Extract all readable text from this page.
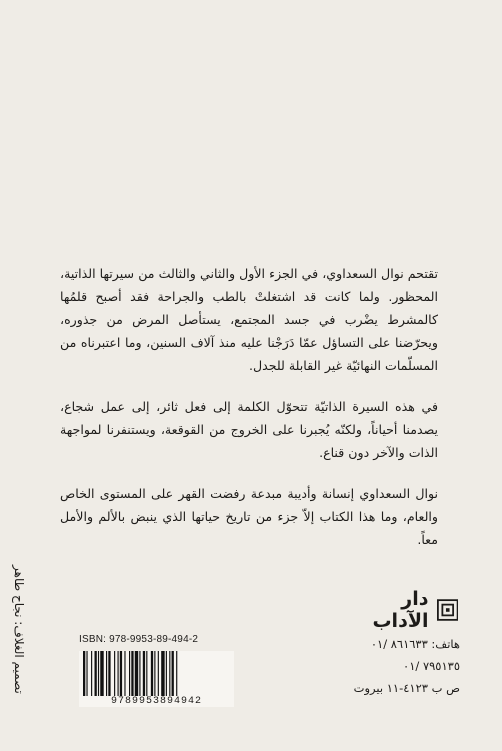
تقتحم نوال السعداوي، في الجزء الأول والثاني والثالث من سيرتها الذاتية، المحظور. ولما كانت قد اشتغلتْ بالطب والجراحة فقد أصبح قلمُها كالمشرط يضْرب في جسد المجتمع، يستأصل المرض من جذوره، ويحرّضنا على التساؤل عمّا دَرَجْنا عليه منذ آلاف السنين، وما اعتبرناه من المسلّمات النهائيّة غير القابلة للجدل.

في هذه السيرة الذاتيّة تتحوّل الكلمة إلى فعل ثائر، إلى عمل شجاع، يصدمنا أحياناً، ولكنّه يُجبرنا على الخروج من القوقعة، ويستنفرنا لمواجهة الذات والآخر دون قناع.

نوال السعداوي إنسانة وأديبة مبدعة رفضت القهر على المستوى الخاص والعام، وما هذا الكتاب إلاّ جزء من تاريخ حياتها الذي ينبض بالألم والأمل معاً.

تصميم الغلاف: نجاح طاهر	دار الآداب
هاتف: ٨٦١٦٣٣ /٠١
٧٩٥١٣٥ /٠١
ص ب ٤١٢٣-١١ بيروت
ISBN: 978-9953-89-494-2
9789953894942
